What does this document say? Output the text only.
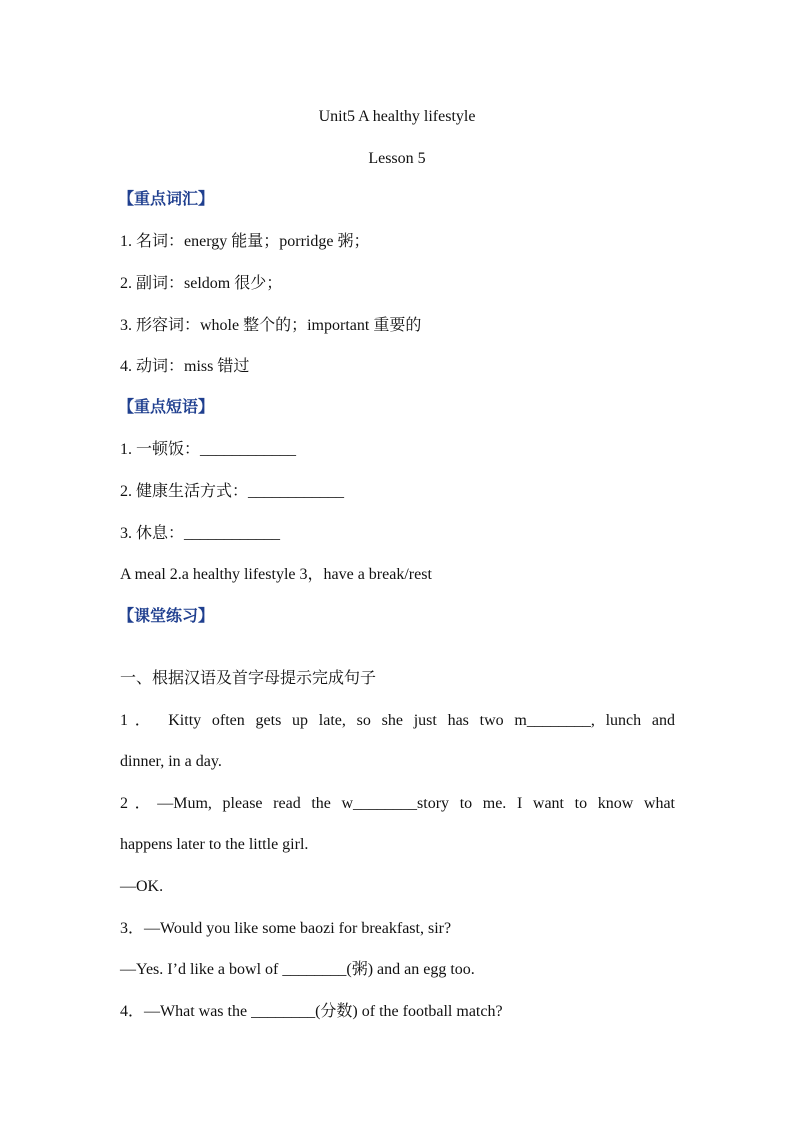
Unit5 A healthy lifestyle
Lesson 5
【重点词汇】
1. 名词：energy 能量；porridge 粥；
2. 副词：seldom 很少；
3. 形容词：whole 整个的；important 重要的
4. 动词：miss 错过
【重点短语】
1. 一顿饭：____________
2. 健康生活方式：____________
3. 休息：____________
A meal 2.a healthy lifestyle 3，have a break/rest
【课堂练习】
一、根据汉语及首字母提示完成句子
1． Kitty often gets up late, so she just has two m________, lunch and
dinner, in a day.
2．—Mum, please read the w________story to me. I want to know what
happens later to the little girl.
—OK.
3．—Would you like some baozi for breakfast, sir?
—Yes. I’d like a bowl of ________(粥) and an egg too.
4．—What was the ________(分数) of the football match?
